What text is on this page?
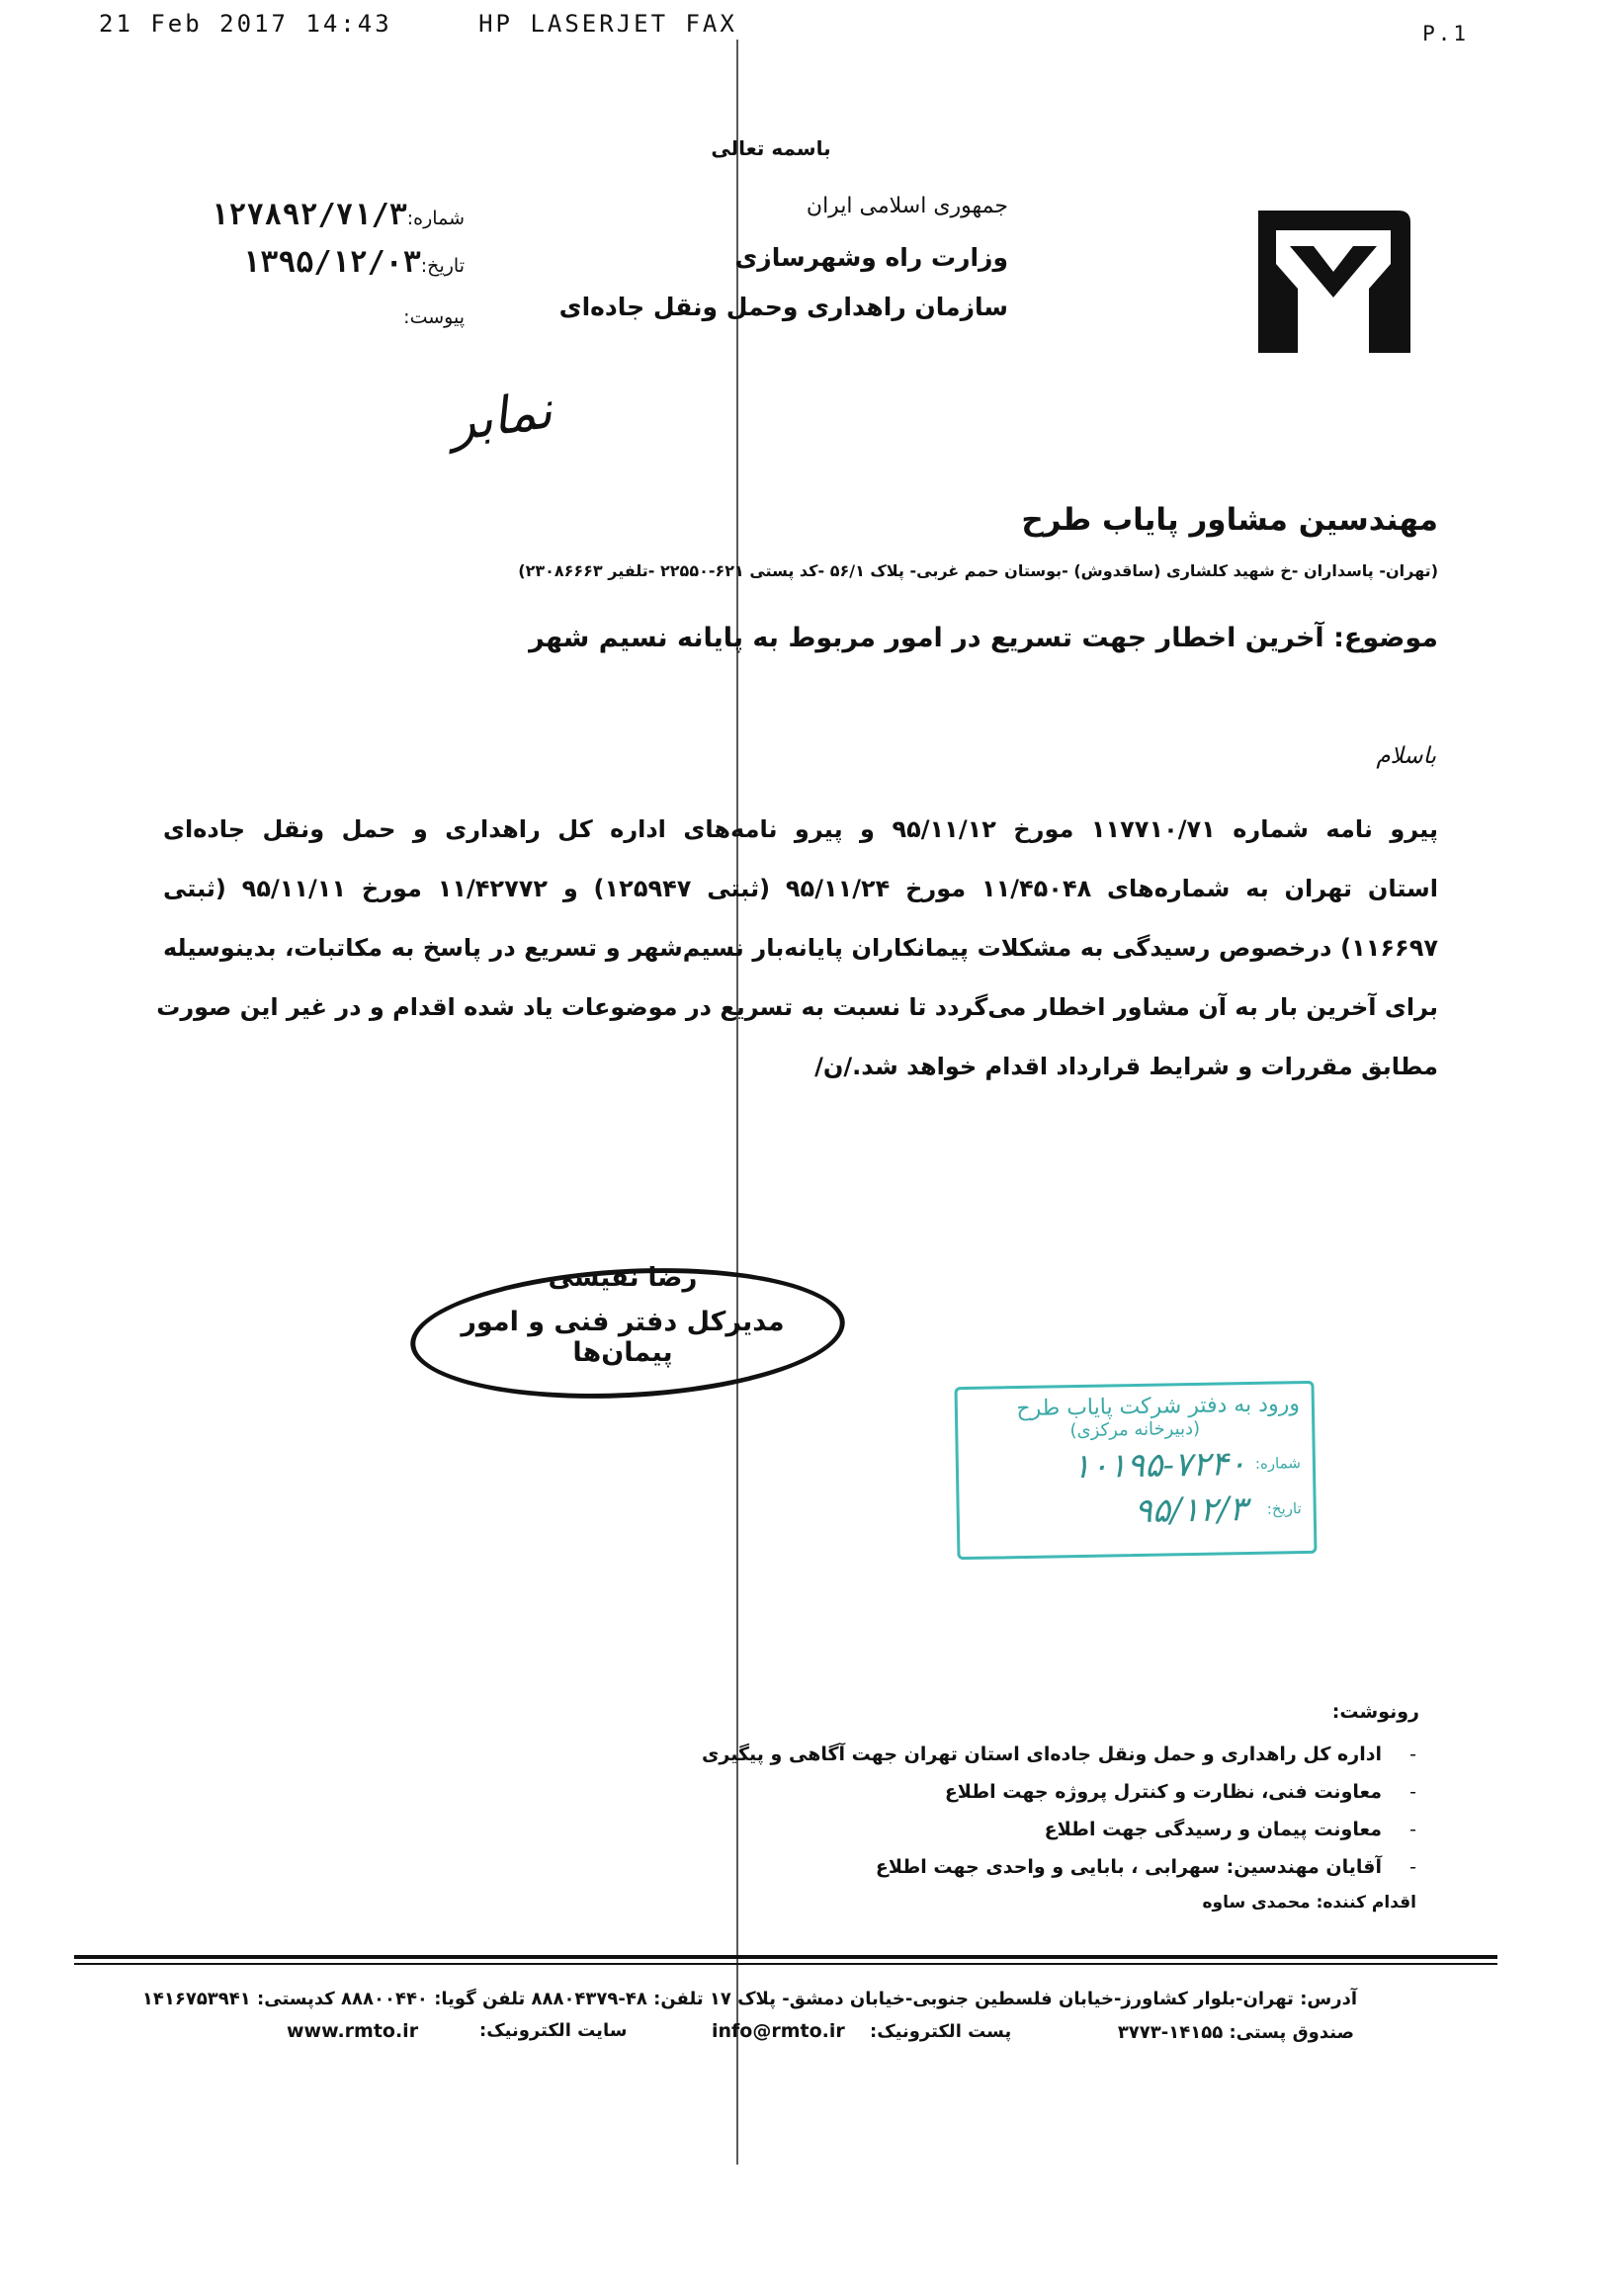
21 Feb 2017 14:43	HP LASERJET FAX	P.1
باسمه تعالی
جمهوری اسلامی ایران
وزارت راه وشهرسازی
سازمان راهداری وحمل ونقل جاده‌ای
شماره:۱۲۷۸۹۲/۷۱/۳
تاریخ:۱۳۹۵/۱۲/۰۳
پیوست:
نمابر
مهندسین مشاور پایاب طرح
(تهران- پاسداران -خ شهید کلشاری (ساقدوش) -بوستان حمم غربی- پلاک ۵۶/۱ -کد پستی ۶۲۱-۲۲۵۵۰ -تلفیر ۲۳۰۸۶۶۶۳)
موضوع: آخرین اخطار جهت تسریع در امور مربوط به پایانه نسیم شهر
باسلام
پیرو نامه شماره ۱۱۷۷۱۰/۷۱ مورخ ۹۵/۱۱/۱۲ و پیرو نامه‌های اداره کل راهداری و حمل ونقل جاده‌ای
استان تهران به شماره‌های ۱۱/۴۵۰۴۸ مورخ ۹۵/۱۱/۲۴ (ثبتی ۱۲۵۹۴۷) و ۱۱/۴۲۷۷۲ مورخ ۹۵/۱۱/۱۱ (ثبتی
۱۱۶۶۹۷) درخصوص رسیدگی به مشکلات پیمانکاران پایانه‌بار نسیم‌شهر و تسریع در پاسخ به مکاتبات، بدینوسیله
برای آخرین بار به آن مشاور اخطار می‌گردد تا نسبت به تسریع در موضوعات یاد شده اقدام و در غیر این صورت
مطابق مقررات و شرایط قرارداد اقدام خواهد شد./ن/
رضا نفیسی
مدیرکل دفتر فنی و امور پیمان‌ها
ورود به دفتر شرکت پایاب طرح
(دبیرخانه مرکزی)
شماره:
۱۰۱۹۵-۷۲۴۰
تاریخ:
۹۵/۱۲/۳
رونوشت:
-
اداره کل راهداری و حمل ونقل جاده‌ای استان تهران جهت آگاهی و پیگیری
-
معاونت فنی، نظارت و کنترل پروژه جهت اطلاع
-
معاونت پیمان و رسیدگی جهت اطلاع
-
آقایان مهندسین: سهرابی ، بابایی و واحدی جهت اطلاع
اقدام کننده: محمدی ساوه
آدرس: تهران-بلوار کشاورز-خیابان فلسطین جنوبی-خیابان دمشق- پلاک ۱۷ تلفن: ۴۸-۸۸۸۰۴۳۷۹ تلفن گویا: ۸۸۸۰۰۴۴۰ کدپستی: ۱۴۱۶۷۵۳۹۴۱
صندوق پستی: ۱۴۱۵۵-۳۷۷۳
پست الکترونیک:
info@rmto.ir
سایت الکترونیک:
www.rmto.ir
